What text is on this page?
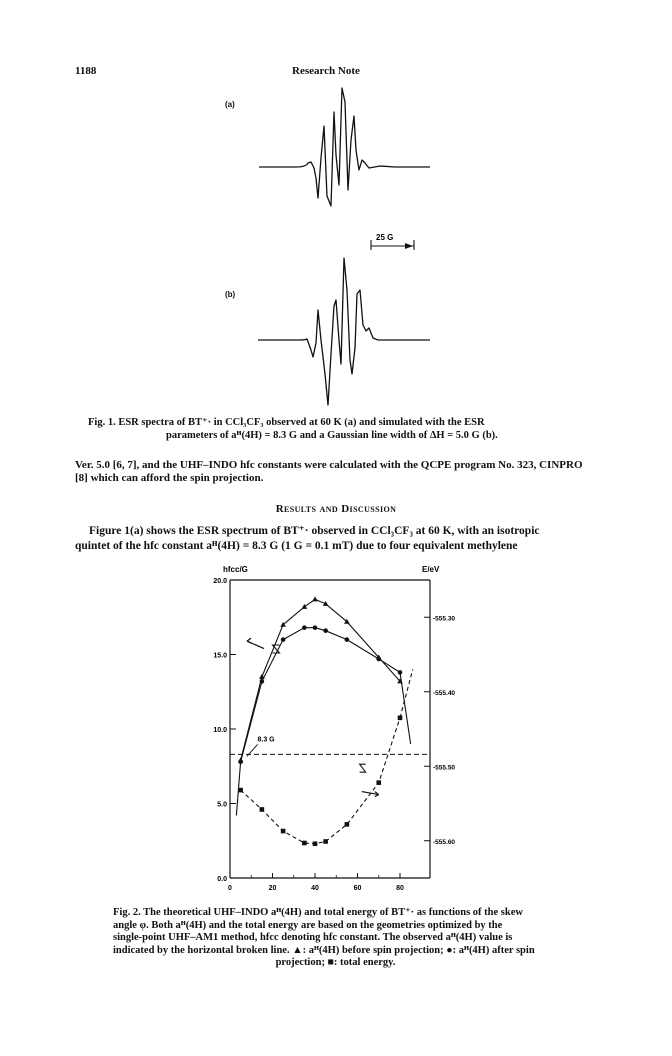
1188	Research Note
(a)
(b)
25 G
Fig. 1. ESR spectra of BT⁺· in CCl₃CF₃ observed at 60 K (a) and simulated with the ESR
parameters of aᴴ(4H) = 8.3 G and a Gaussian line width of ΔH = 5.0 G (b).
Ver. 5.0 [6, 7], and the UHF–INDO hfc constants were calculated with the QCPE program No. 323, CINPRO
[8] which can afford the spin projection.
Results and Discussion
Figure 1(a) shows the ESR spectrum of BT⁺· observed in CCl₃CF₃ at 60 K, with an isotropic
quintet of the hfc constant aᴴ(4H) = 8.3 G (1 G = 0.1 mT) due to four equivalent methylene
hfcc/G	E/eV
0	20	40	60	80
0.0
5.0
10.0
15.0
20.0
-555.30
-555.40
-555.50
-555.60
8.3 G
Fig. 2. The theoretical UHF–INDO aᴴ(4H) and total energy of BT⁺· as functions of the skew
angle φ. Both aᴴ(4H) and the total energy are based on the geometries optimized by the
single-point UHF–AM1 method, hfcc denoting hfc constant. The observed aᴴ(4H) value is
indicated by the horizontal broken line. ▲: aᴴ(4H) before spin projection; ●: aᴴ(4H) after spin
projection; ■: total energy.
